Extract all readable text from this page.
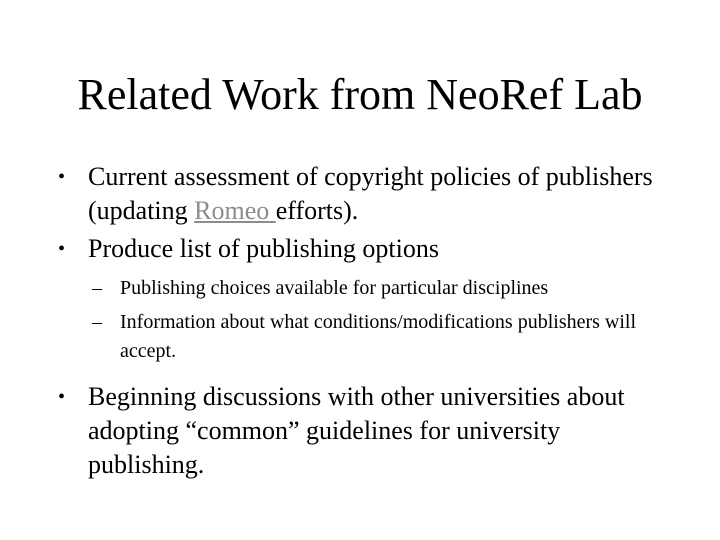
Related Work from NeoRef Lab
• Current assessment of copyright policies of publishers (updating Romeo efforts).
• Produce list of publishing options
– Publishing choices available for particular disciplines
– Information about what conditions/modifications publishers will accept.
• Beginning discussions with other universities about adopting “common” guidelines for university publishing.
